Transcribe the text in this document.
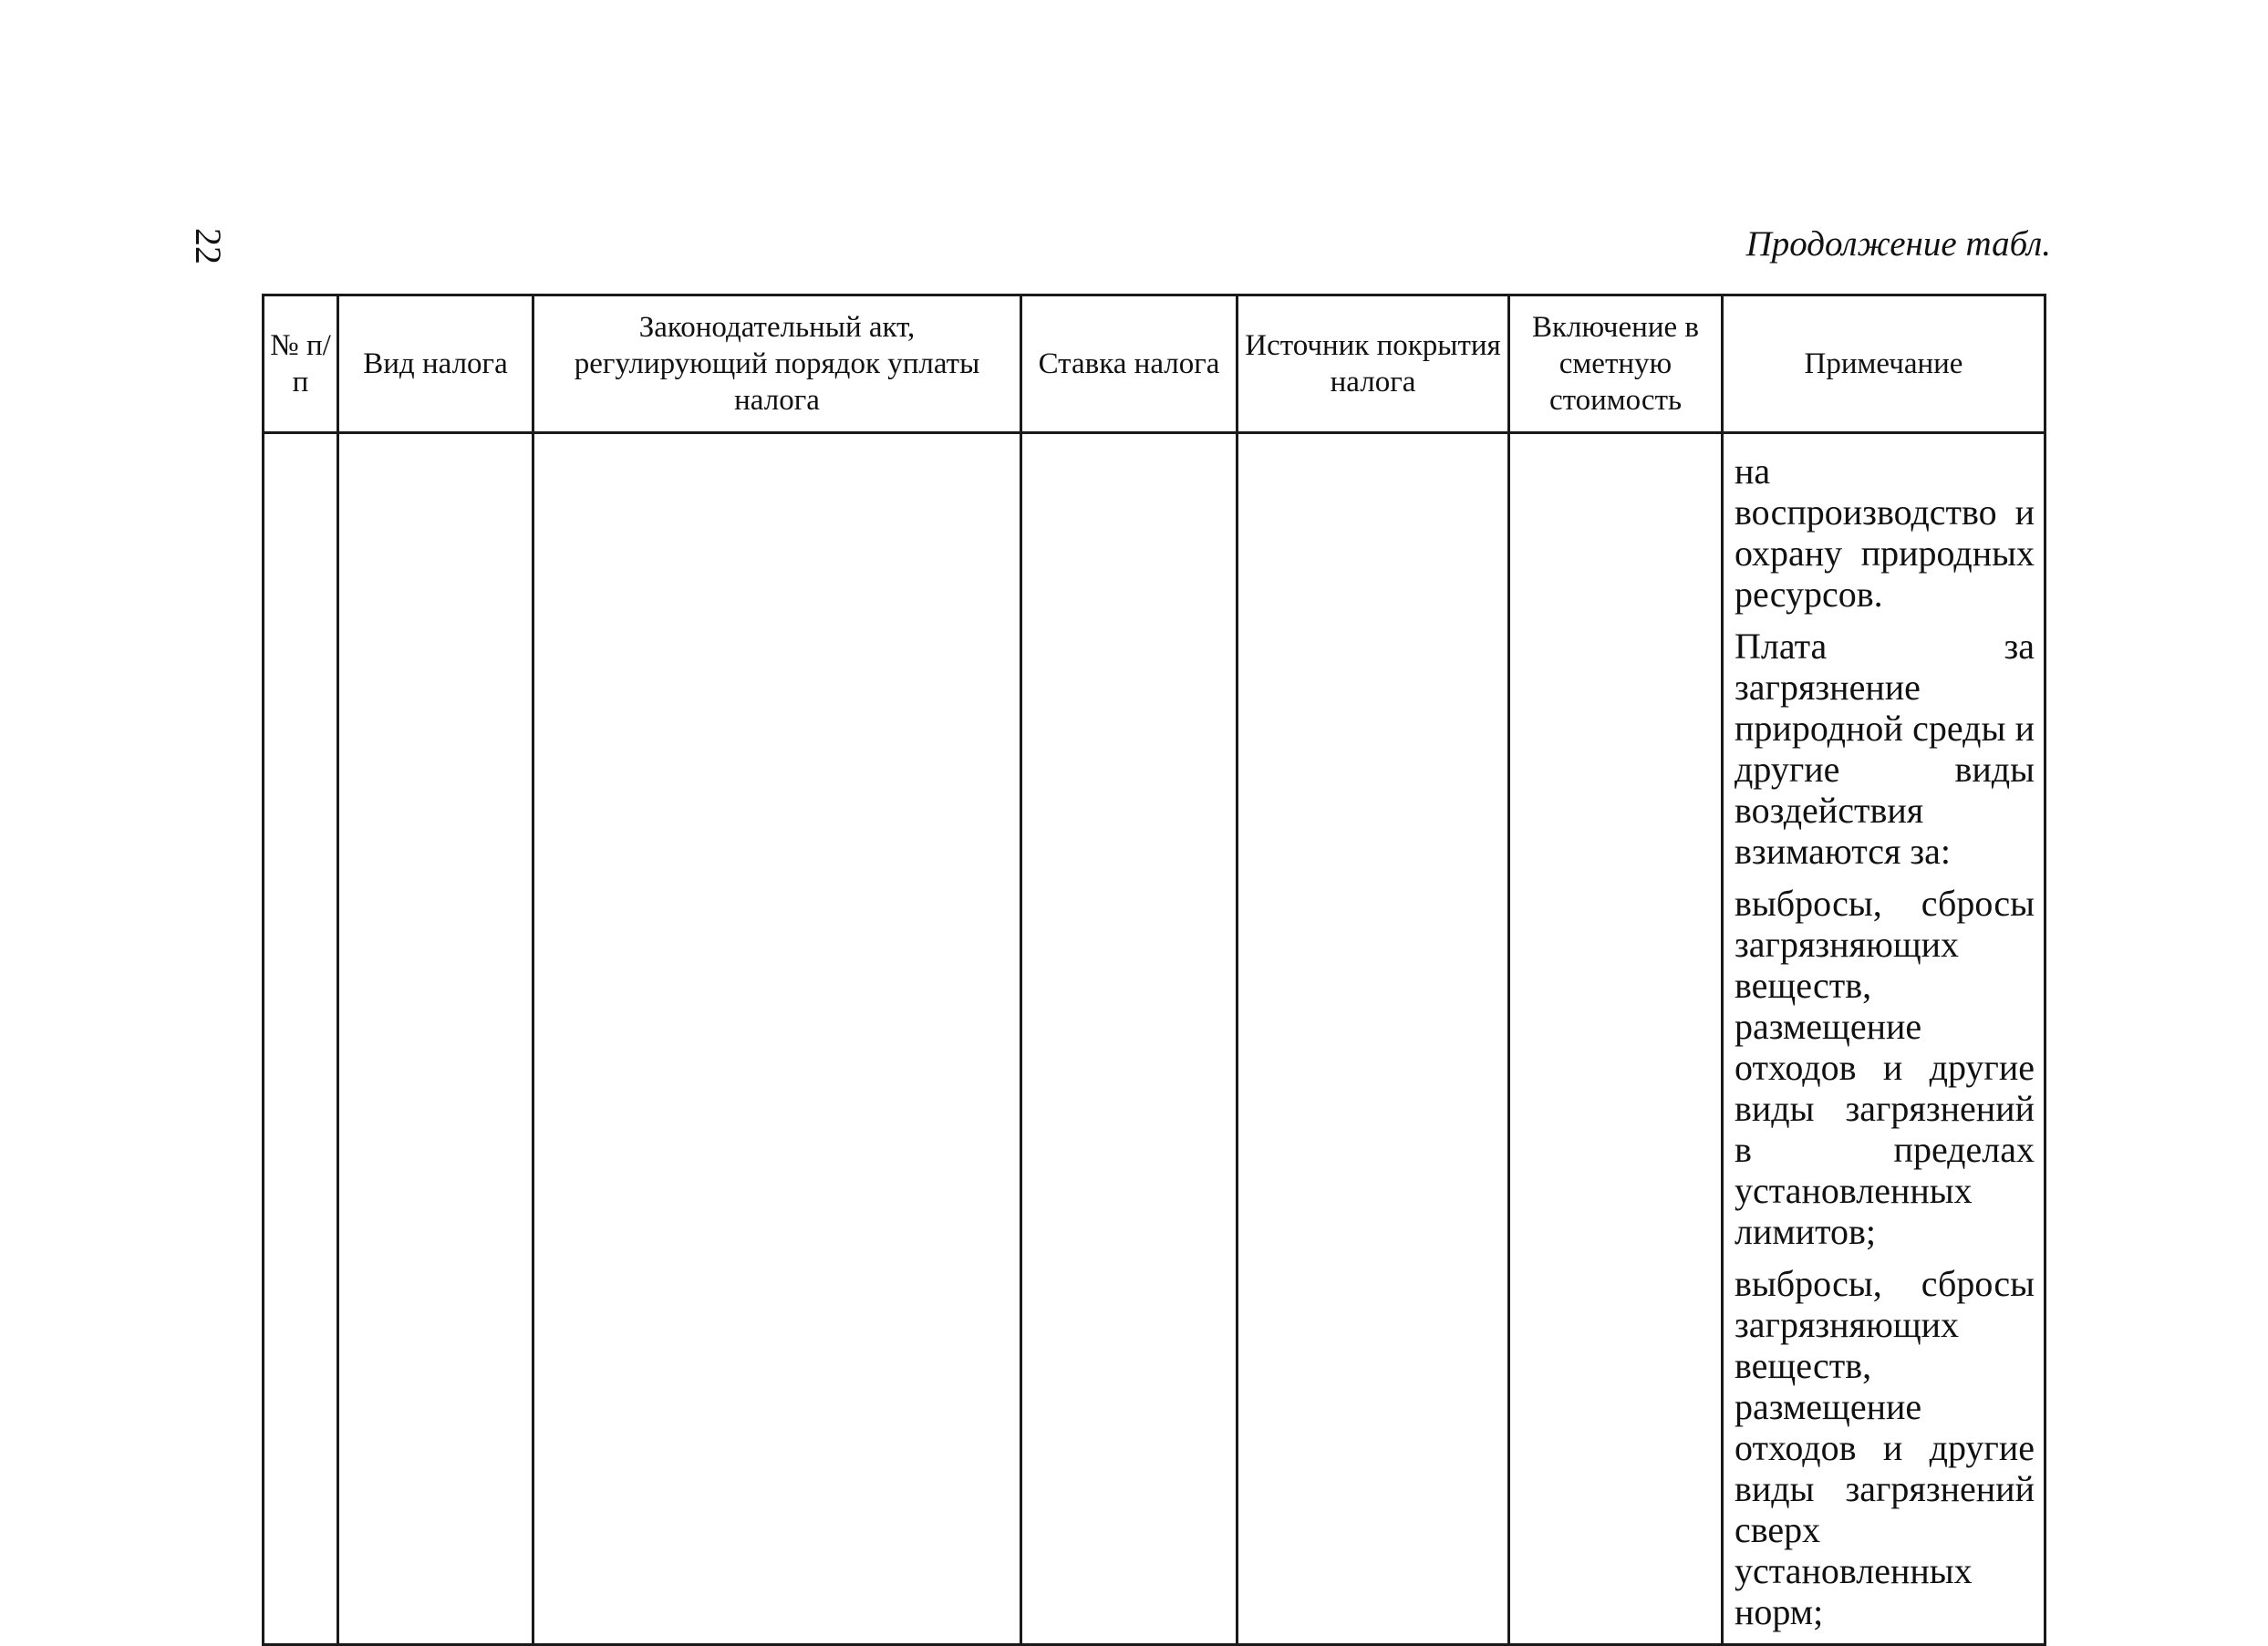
22	Продолжение табл.
№ п/п	Вид налога	Законодательный акт, регулирующий порядок уплаты налога	Ставка налога	Источник покрытия налога	Включение в сметную стоимость	Примечание

						на воспроизводство и охрану природных ресурсов.

Плата за загрязнение природной среды и другие виды воздействия взимаются за:

выбросы, сбросы загрязняющих веществ, размещение отходов и другие виды загрязнений в пределах установленных лимитов;

выбросы, сбросы загрязняющих веществ, размещение отходов и другие виды загрязнений сверх установленных норм;
